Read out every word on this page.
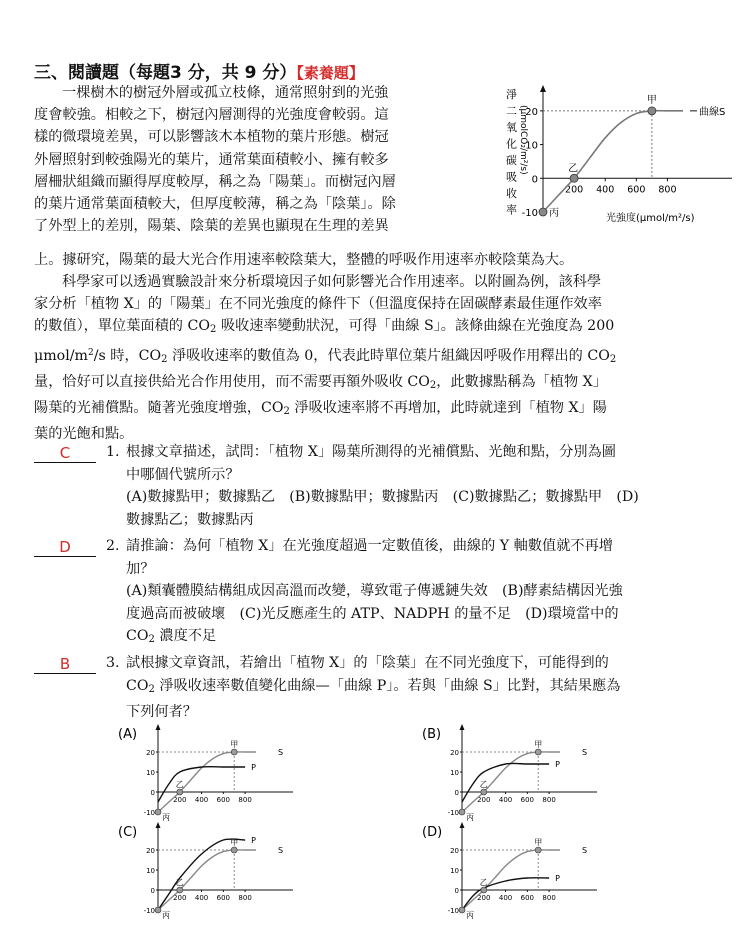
三、閱讀題（每題3 分，共 9 分）【素養題】
一棵樹木的樹冠外層或孤立枝條，通常照射到的光強
度會較強。相較之下，樹冠內層測得的光強度會較弱。這
樣的微環境差異，可以影響該木本植物的葉片形態。樹冠
外層照射到較強陽光的葉片，通常葉面積較小、擁有較多
層柵狀組織而顯得厚度較厚，稱之為「陽葉」。而樹冠內層
的葉片通常葉面積較大，但厚度較薄，稱之為「陰葉」。除
了外型上的差別，陽葉、陰葉的差異也顯現在生理的差異
上。據研究，陽葉的最大光合作用速率較陰葉大，整體的呼吸作用速率亦較陰葉為大。
淨
二
氧
化
碳
吸
收
率
(μmolCO₂/m²/s)
-10
0
10
20
200 400 600 800
甲
乙
丙
曲線S
光強度(μmol/m²/s)
科學家可以透過實驗設計來分析環境因子如何影響光合作用速率。以附圖為例，該科學
家分析「植物 X」的「陽葉」在不同光強度的條件下（但溫度保持在固碳酵素最佳運作效率
的數值），單位葉面積的 $CO_2$ 吸收速率變動狀況，可得「曲線 S」。該條曲線在光強度為 200
μmol/$m^2/s$ 時，$CO_2$ 淨吸收速率的數值為 0，代表此時單位葉片組織因呼吸作用釋出的 $CO_2$
量，恰好可以直接供給光合作用使用，而不需要再額外吸收 $CO_2$，此數據點稱為「植物 X」
陽葉的光補償點。隨著光強度增強，$CO_2$ 淨吸收速率將不再增加，此時就達到「植物 X」陽
葉的光飽和點。
C	1. 根據文章描述，試問：「植物 X」陽葉所測得的光補償點、光飽和點，分別為圖
中哪個代號所示？
(A)數據點甲；數據點乙　(B)數據點甲；數據點丙　(C)數據點乙；數據點甲　(D)
數據點乙；數據點丙
D	2. 請推論：為何「植物 X」在光強度超過一定數值後，曲線的 Y 軸數值就不再增
加？
(A)類囊體膜結構組成因高溫而改變，導致電子傳遞鏈失效　(B)酵素結構因光強
度過高而被破壞　(C)光反應產生的 ATP、NADPH 的量不足　(D)環境當中的
$CO_2$ 濃度不足
B	3. 試根據文章資訊，若繪出「植物 X」的「陰葉」在不同光強度下，可能得到的
$CO_2$ 淨吸收速率數值變化曲線—「曲線 P」。若與「曲線 S」比對，其結果應為
下列何者？
(A)
20
10
0
-10
200 400 600 800
甲
乙
丙
S
P
(B)
20
10
0
-10
200 400 600 800
甲
乙
丙
S
P
(C)
20
10
0
-10
200 400 600 800
甲
乙
丙
S
P
(D)
20
10
0
-10
200 400 600 800
甲
乙
丙
S
P
